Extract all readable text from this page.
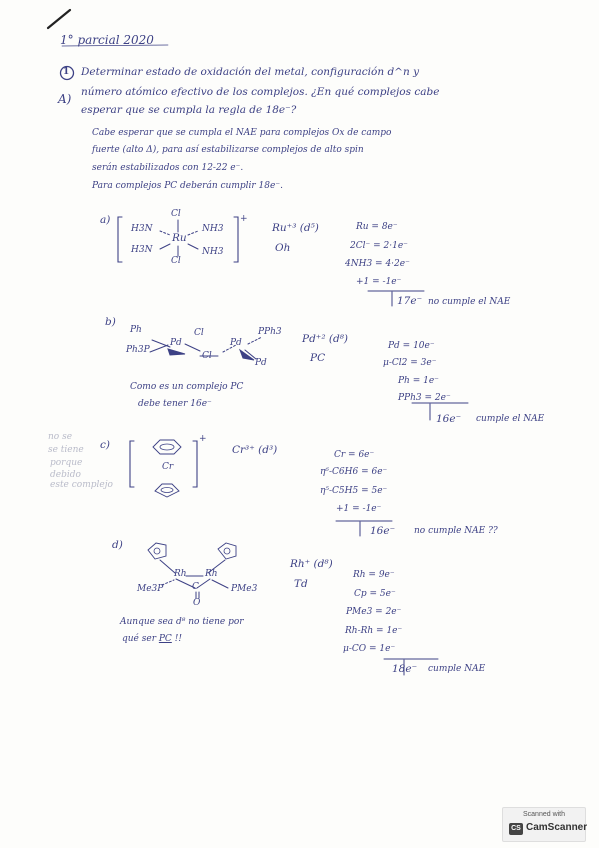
1° parcial 2020
1 Determinar estado de oxidación del metal, configuración d^n y
número atómico efectivo de los complejos. ¿En qué complejos cabe
esperar que se cumpla la regla de 18e⁻?
A)
Cabe esperar que se cumpla el NAE para complejos Ox de campo
fuerte (alto Δ), para así estabilizarse complejos de alto spin
serán estabilizados con 12-22 e⁻.
Para complejos PC deberán cumplir 18e⁻.
a)	Cl
H3N
Ru
NH3
H3N	NH3
Cl
+
Ru⁺³ (d⁵)
Oh
Ru = 8e⁻
2Cl⁻ = 2·1e⁻
4NH3 = 4·2e⁻
+1 = -1e⁻
17e⁻ no cumple el NAE
b)
Ph3P
Pd
Cl
Cl
Pd
PPh3
Ph
Pd
Pd⁺² (d⁸)
PC
Pd = 10e⁻
μ-Cl2 = 3e⁻
Ph = 1e⁻
PPh3 = 2e⁻
16e⁻ cumple el NAE
Como es un complejo PC
debe tener 16e⁻
no se
se tiene
porque
debido
este complejo
c)
Cr
+
Cr³⁺ (d³)	Cr = 6e⁻
η⁶-C6H6 = 6e⁻
η⁵-C5H5 = 5e⁻
+1 = -1e⁻
16e⁻ no cumple NAE ??
d)
Rh Rh
Me3P	PMe3
C
O
Rh⁺ (d⁸)
Td
Rh = 9e⁻
Cp = 5e⁻
PMe3 = 2e⁻
Rh-Rh = 1e⁻
μ-CO = 1e⁻
18e⁻ cumple NAE
Aunque sea d⁸ no tiene por
qué ser PC !!
Scanned with
CS CamScanner
